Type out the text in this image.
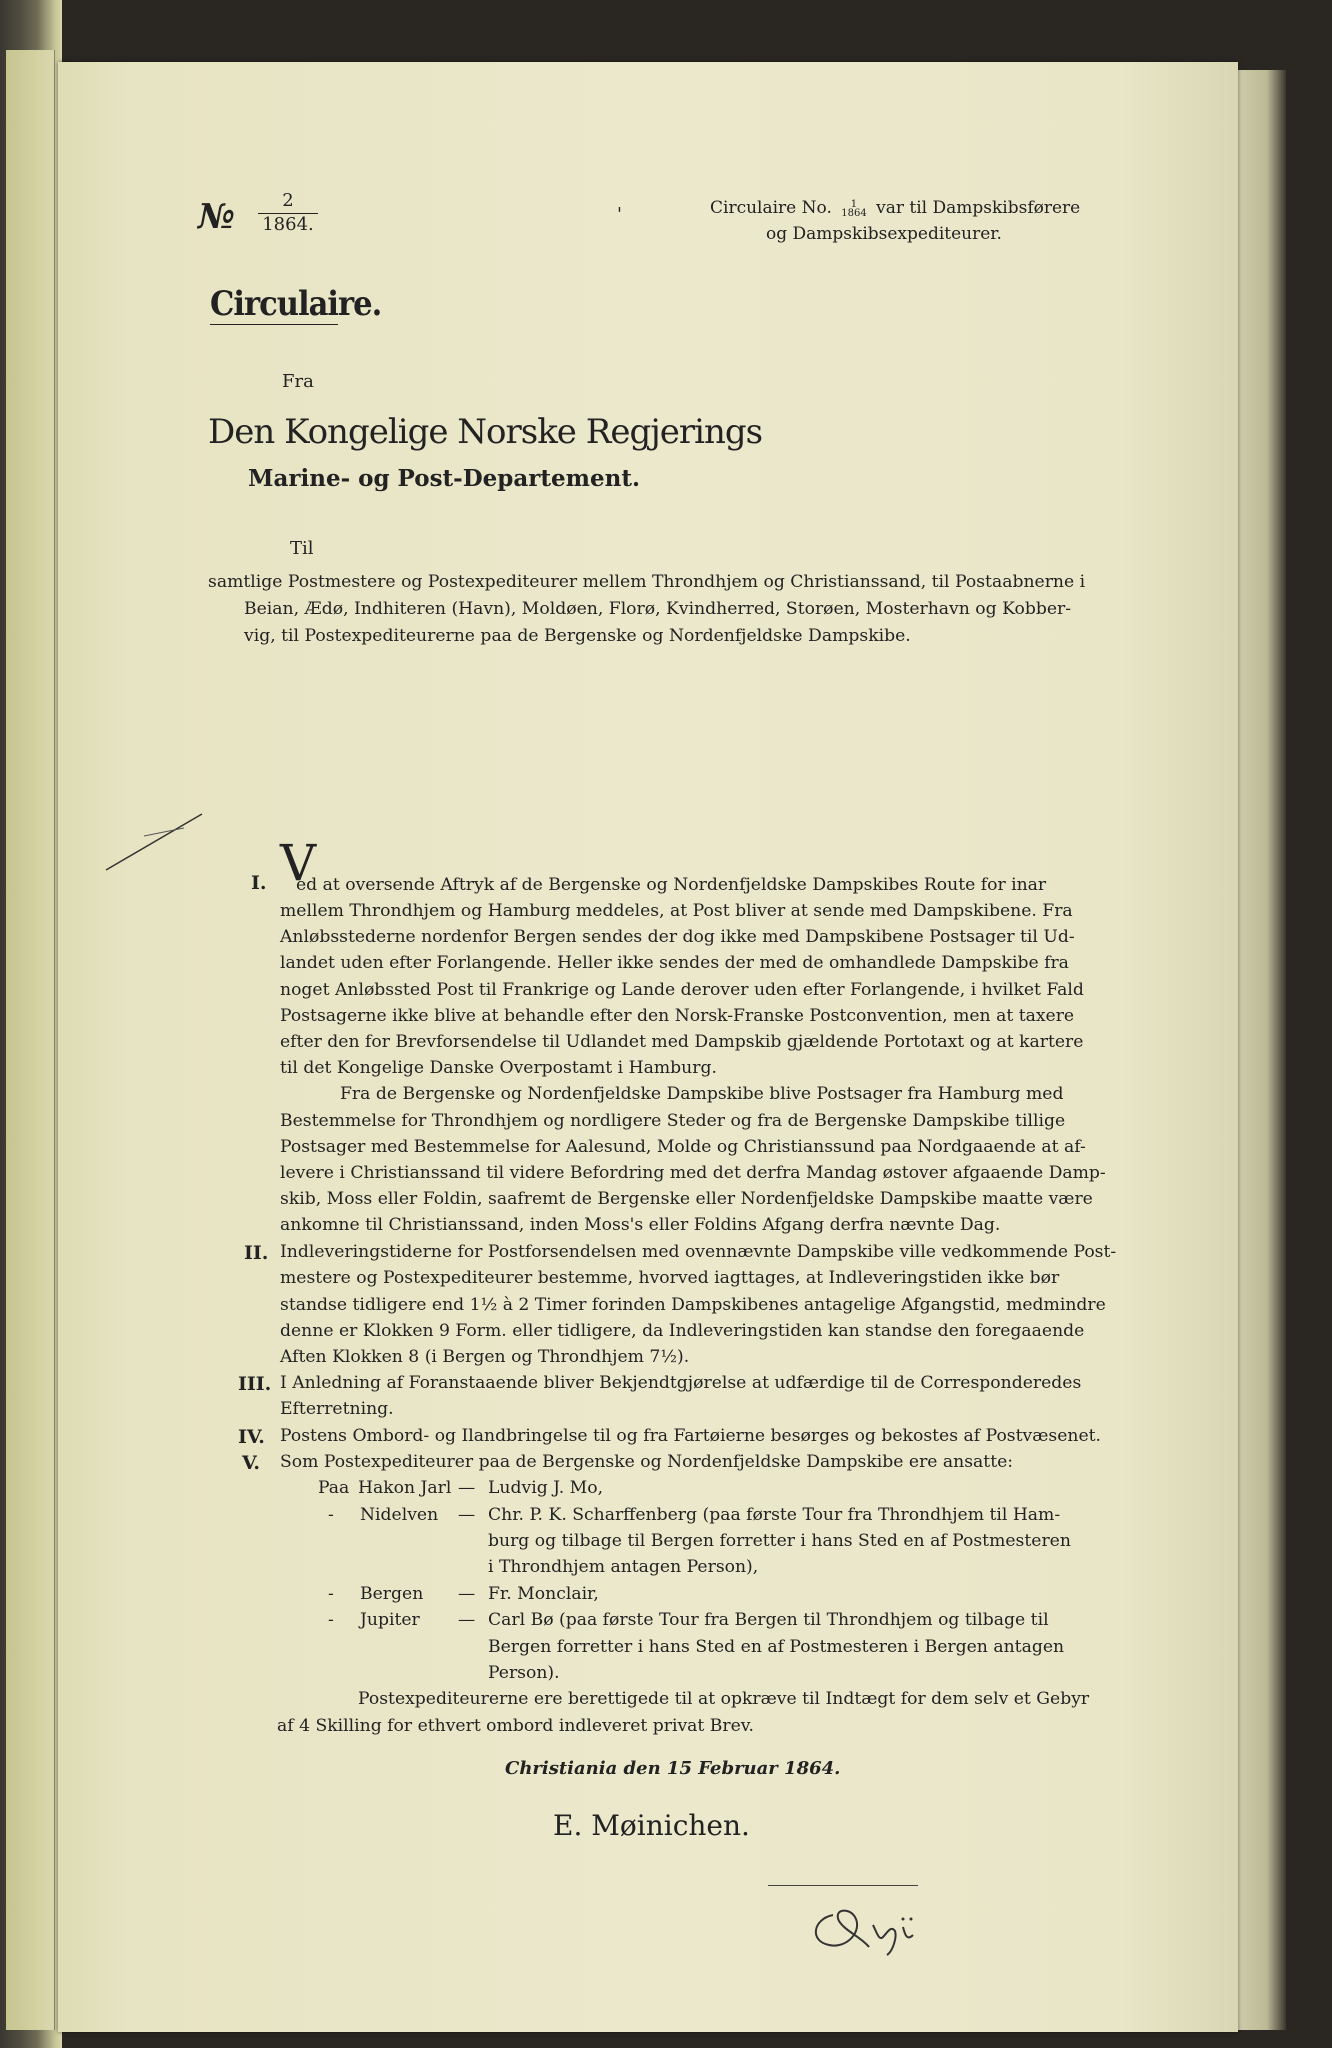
№	2
1864.	'	Circulaire No.	1
1864 var til Dampskibsførere
og Dampskibsexpediteurer.
Circulaire.
Fra
Den Kongelige Norske Regjerings
Marine- og Post-Departement.
Til
samtlige Postmestere og Postexpediteurer mellem Throndhjem og Christianssand, til Postaabnerne i
Beian, Ædø, Indhiteren (Havn), Moldøen, Florø, Kvindherred, Storøen, Mosterhavn og Kobber-
vig, til Postexpediteurerne paa de Bergenske og Nordenfjeldske Dampskibe.
I. V
ed at oversende Aftryk af de Bergenske og Nordenfjeldske Dampskibes Route for inar
mellem Throndhjem og Hamburg meddeles, at Post bliver at sende med Dampskibene. Fra
Anløbsstederne nordenfor Bergen sendes der dog ikke med Dampskibene Postsager til Ud-
landet uden efter Forlangende. Heller ikke sendes der med de omhandlede Dampskibe fra
noget Anløbssted Post til Frankrige og Lande derover uden efter Forlangende, i hvilket Fald
Postsagerne ikke blive at behandle efter den Norsk-Franske Postconvention, men at taxere
efter den for Brevforsendelse til Udlandet med Dampskib gjældende Portotaxt og at kartere
til det Kongelige Danske Overpostamt i Hamburg.
Fra de Bergenske og Nordenfjeldske Dampskibe blive Postsager fra Hamburg med
Bestemmelse for Throndhjem og nordligere Steder og fra de Bergenske Dampskibe tillige
Postsager med Bestemmelse for Aalesund, Molde og Christianssund paa Nordgaaende at af-
levere i Christianssand til videre Befordring med det derfra Mandag østover afgaaende Damp-
skib, Moss eller Foldin, saafremt de Bergenske eller Nordenfjeldske Dampskibe maatte være
ankomne til Christianssand, inden Moss's eller Foldins Afgang derfra nævnte Dag.
II. Indleveringstiderne for Postforsendelsen med ovennævnte Dampskibe ville vedkommende Post-
mestere og Postexpediteurer bestemme, hvorved iagttages, at Indleveringstiden ikke bør
standse tidligere end 1½ à 2 Timer forinden Dampskibenes antagelige Afgangstid, medmindre
denne er Klokken 9 Form. eller tidligere, da Indleveringstiden kan standse den foregaaende
Aften Klokken 8 (i Bergen og Throndhjem 7½).
III. I Anledning af Foranstaaende bliver Bekjendtgjørelse at udfærdige til de Corresponderedes
Efterretning.
IV. Postens Ombord- og Ilandbringelse til og fra Fartøierne besørges og bekostes af Postvæsenet.
V. Som Postexpediteurer paa de Bergenske og Nordenfjeldske Dampskibe ere ansatte:
Paa Hakon Jarl — Ludvig J. Mo,
- Nidelven — Chr. P. K. Scharffenberg (paa første Tour fra Throndhjem til Ham-
burg og tilbage til Bergen forretter i hans Sted en af Postmesteren
i Throndhjem antagen Person),
- Bergen — Fr. Monclair,
- Jupiter — Carl Bø (paa første Tour fra Bergen til Throndhjem og tilbage til
Bergen forretter i hans Sted en af Postmesteren i Bergen antagen
Person).
Postexpediteurerne ere berettigede til at opkræve til Indtægt for dem selv et Gebyr
af 4 Skilling for ethvert ombord indleveret privat Brev.
Christiania den 15 Februar 1864.
E. Møinichen.
